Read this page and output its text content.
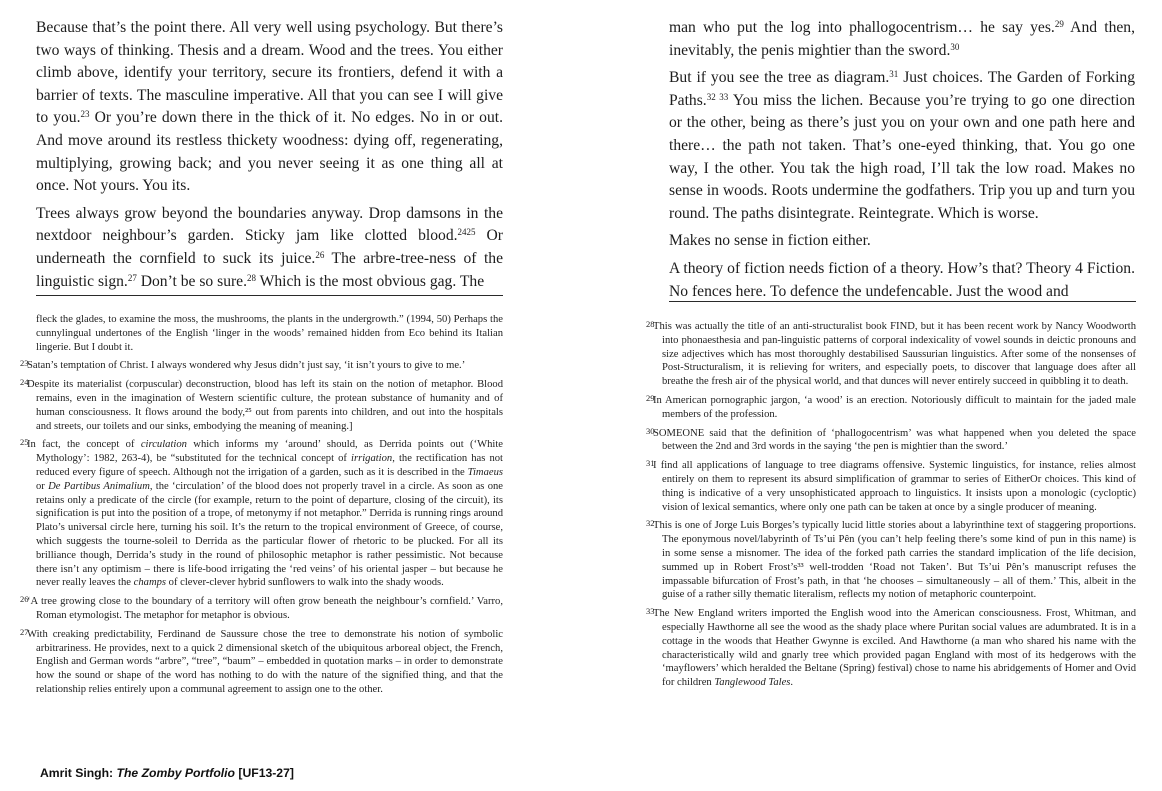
Because that’s the point there. All very well using psychology. But there’s two ways of thinking. Thesis and a dream. Wood and the trees. You either climb above, identify your territory, secure its frontiers, defend it with a barrier of texts. The masculine imperative. All that you can see I will give to you.$^{23}$ Or you’re down there in the thick of it. No edges. No in or out. And move around its restless thickety woodness: dying off, regenerating, multiplying, growing back; and you never seeing it as one thing all at once. Not yours. You its.

Trees always grow beyond the boundaries anyway. Drop damsons in the nextdoor neighbour’s garden. Sticky jam like clotted blood.$^{2425}$ Or underneath the cornfield to suck its juice.$^{26}$ The arbre-tree-ness of the linguistic sign.$^{27}$ Don’t be so sure.$^{28}$ Which is the most obvious gag. The

fleck the glades, to examine the moss, the mushrooms, the plants in the undergrowth.” (1994, 50) Perhaps the cunnylingual undertones of the English ‘linger in the woods’ remained hidden from Eco behind its Italian lingerie. But I doubt it.
23
Satan’s temptation of Christ. I always wondered why Jesus didn’t just say, ‘it isn’t yours to give to me.’
24
Despite its materialist (corpuscular) deconstruction, blood has left its stain on the notion of metaphor. Blood remains, even in the imagination of Western scientific culture, the protean substance of humanity and of human consciousness. It flows around the body,²⁵ out from parents into children, and out into the hospitals and streets, our toilets and our sinks, embodying the meaning of meaning.]
25
In fact, the concept of circulation which informs my ‘around’ should, as Derrida points out (‘White Mythology’: 1982, 263-4), be “substituted for the technical concept of irrigation, the rectification has not reduced every figure of speech. Although not the irrigation of a garden, such as it is described in the Timaeus or De Partibus Animalium, the ‘circulation’ of the blood does not properly travel in a circle. As soon as one retains only a predicate of the circle (for example, return to the point of departure, closing of the circuit), its signification is put into the position of a trope, of metonymy if not metaphor.” Derrida is running rings around Plato’s universal circle here, turning his soil. It’s the return to the tropical environment of Greece, of course, which suggests the tourne-soleil to Derrida as the particular flower of rhetoric to be plucked. For all its brilliance though, Derrida’s study in the round of philosophic metaphor is rather pessimistic. Not because there isn’t any optimism – there is life-bood irrigating the ‘red veins’ of his oriental jasper – but because he never really leaves the champs of clever-clever hybrid sunflowers to walk into the shady woods.
26
‘A tree growing close to the boundary of a territory will often grow beneath the neighbour’s cornfield.’ Varro, Roman etymologist. The metaphor for metaphor is obvious.
27
With creaking predictability, Ferdinand de Saussure chose the tree to demonstrate his notion of symbolic arbitrariness. He provides, next to a quick 2 dimensional sketch of the ubiquitous arboreal object, the French, English and German words “arbre”, “tree”, “baum” – embedded in quotation marks – in order to demonstrate how the sound or shape of the word has nothing to do with the nature of the signified thing, and that the relationship relies entirely upon a communal agreement to assign one to the other.

man who put the log into phallogocentrism… he say yes.$^{29}$ And then, inevitably, the penis mightier than the sword.$^{30}$

But if you see the tree as diagram.$^{31}$ Just choices. The Garden of Forking Paths.$^{32 33}$ You miss the lichen. Because you’re trying to go one direction or the other, being as there’s just you on your own and one path here and there… the path not taken. That’s one-eyed thinking, that. You go one way, I the other. You tak the high road, I’ll tak the low road. Makes no sense in woods. Roots undermine the godfathers. Trip you up and turn you round. The paths disintegrate. Reintegrate. Which is worse.

Makes no sense in fiction either.

A theory of fiction needs fiction of a theory. How’s that? Theory 4 Fiction. No fences here. To defence the undefencable. Just the wood and

28
This was actually the title of an anti-structuralist book FIND, but it has been recent work by Nancy Woodworth into phonaesthesia and pan-linguistic patterns of corporal indexicality of vowel sounds in deictic pronouns and size adjectives which has most thoroughly destabilised Saussurian linguistics. After some of the nonsenses of Post-Structuralism, it is relieving for writers, and especially poets, to discover that language does after all breathe the fresh air of the physical world, and that dunces will never entirely succeed in quibbling it to death.
29
In American pornographic jargon, ‘a wood’ is an erection. Notoriously difficult to maintain for the jaded male members of the profession.
30
SOMEONE said that the definition of ‘phallogocentrism’ was what happened when you deleted the space between the 2nd and 3rd words in the saying ‘the pen is mightier than the sword.’
31
I find all applications of language to tree diagrams offensive. Systemic linguistics, for instance, relies almost entirely on them to represent its absurd simplification of grammar to series of EitherOr choices. This kind of thing is indicative of a very unsophisticated approach to linguistics. It insists upon a monologic (cycloptic) vision of lexical semantics, where only one path can be taken at once by a single producer of meaning.
32
This is one of Jorge Luis Borges’s typically lucid little stories about a labyrinthine text of staggering proportions. The eponymous novel/labyrinth of Ts’ui Pên (you can’t help feeling there’s some kind of pun in this name) is in some sense a misnomer. The idea of the forked path carries the standard implication of the life decision, summed up in Robert Frost’s³³ well-trodden ‘Road not Taken’. But Ts’ui Pên’s manuscript refuses the impassable bifurcation of Frost’s path, in that ‘he chooses – simultaneously – all of them.’ This, albeit in the guise of a rather silly thematic literalism, reflects my notion of metaphoric counterpoint.
33
The New England writers imported the English wood into the American consciousness. Frost, Whitman, and especially Hawthorne all see the wood as the shady place where Puritan social values are adumbrated. It is in a cottage in the woods that Heather Gwynne is exciled. And Hawthorne (a man who shared his name with the characteristically wild and gnarly tree which provided pagan England with most of its hedgerows with the ‘mayflowers’ which heralded the Beltane (Spring) festival) chose to name his abridgements of Homer and Ovid for children Tanglewood Tales.
Amrit Singh: The Zomby Portfolio [UF13-27]
